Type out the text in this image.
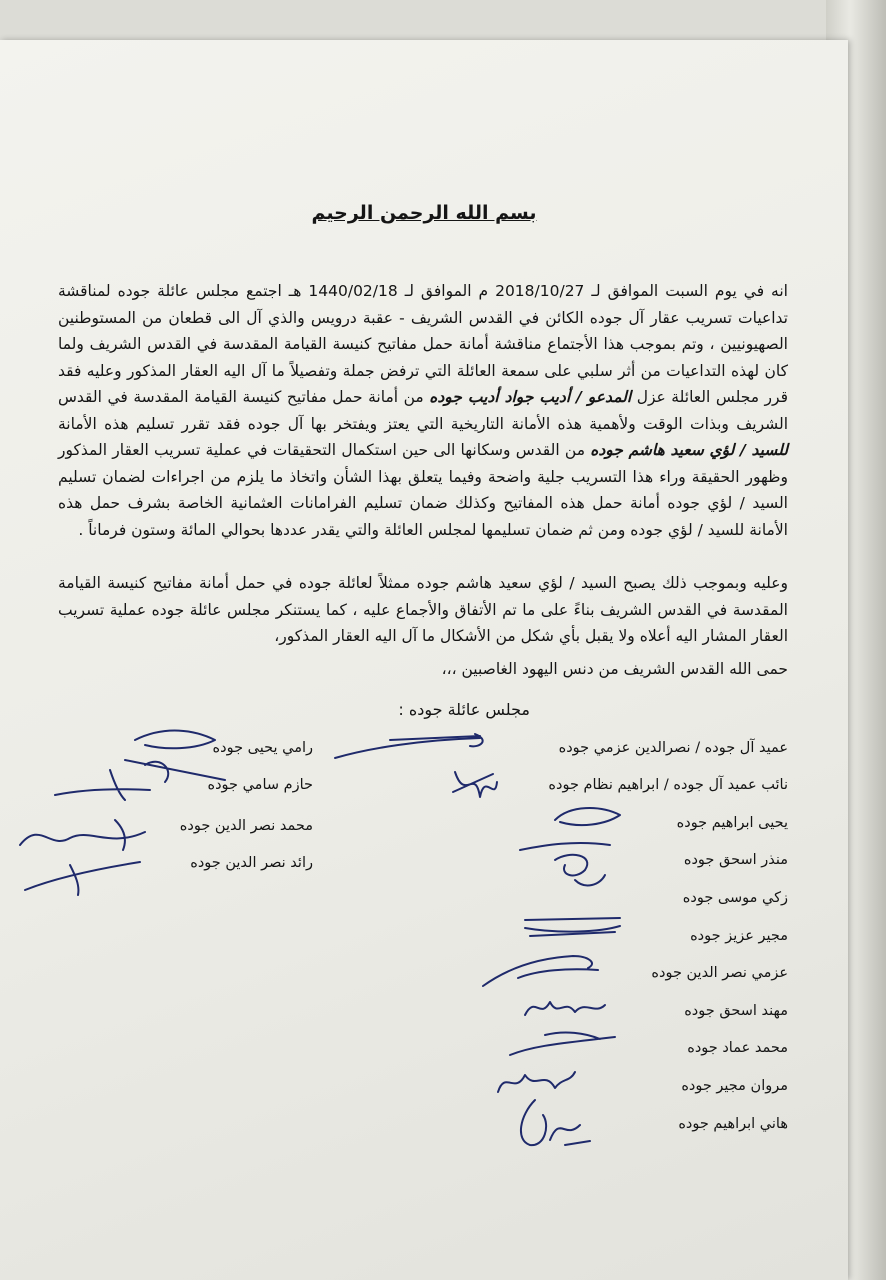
بسم الله الرحمن الرحيم
انه في يوم السبت الموافق لـ 2018/10/27 م الموافق لـ 1440/02/18 هـ اجتمع مجلس عائلة جوده لمناقشة تداعيات تسريب عقار آل جوده الكائن في القدس الشريف - عقبة درويس والذي آل الى قطعان من المستوطنين الصهيونيين ، وتم بموجب هذا الأجتماع مناقشة أمانة حمل مفاتيح كنيسة القيامة المقدسة في القدس الشريف ولما كان لهذه التداعيات من أثر سلبي على سمعة العائلة التي ترفض جملة وتفصيلاً ما آل اليه العقار المذكور وعليه فقد قرر مجلس العائلة عزل المدعو / أديب جواد أديب جوده من أمانة حمل مفاتيح كنيسة القيامة المقدسة في القدس الشريف وبذات الوقت ولأهمية هذه الأمانة التاريخية التي يعتز ويفتخر بها آل جوده فقد تقرر تسليم هذه الأمانة للسيد / لؤي سعيد هاشم جوده من القدس وسكانها الى حين استكمال التحقيقات في عملية تسريب العقار المذكور وظهور الحقيقة وراء هذا التسريب جلية واضحة وفيما يتعلق بهذا الشأن واتخاذ ما يلزم من اجراءات لضمان تسليم السيد / لؤي جوده أمانة حمل هذه المفاتيح وكذلك ضمان تسليم الفرامانات العثمانية الخاصة بشرف حمل هذه الأمانة للسيد / لؤي جوده ومن ثم ضمان تسليمها لمجلس العائلة والتي يقدر عددها بحوالي المائة وستون فرماناً .
وعليه وبموجب ذلك يصبح السيد / لؤي سعيد هاشم جوده ممثلاً لعائلة جوده في حمل أمانة مفاتيح كنيسة القيامة المقدسة في القدس الشريف بناءً على ما تم الأتفاق والأجماع عليه ، كما يستنكر مجلس عائلة جوده عملية تسريب العقار المشار اليه أعلاه ولا يقبل بأي شكل من الأشكال ما آل اليه العقار المذكور،
حمى الله القدس الشريف من دنس اليهود الغاصبين ،،،
مجلس عائلة جوده :
عميد آل جوده / نصرالدين عزمي جوده
نائب عميد آل جوده / ابراهيم نظام جوده
يحيى ابراهيم جوده
منذر اسحق جوده
زكي موسى جوده
مجير عزيز جوده
عزمي نصر الدين جوده
مهند اسحق جوده
محمد عماد جوده
مروان مجير جوده
هاني ابراهيم جوده
رامي يحيى جوده
حازم سامي جوده
محمد نصر الدين جوده
رائد نصر الدين جوده
